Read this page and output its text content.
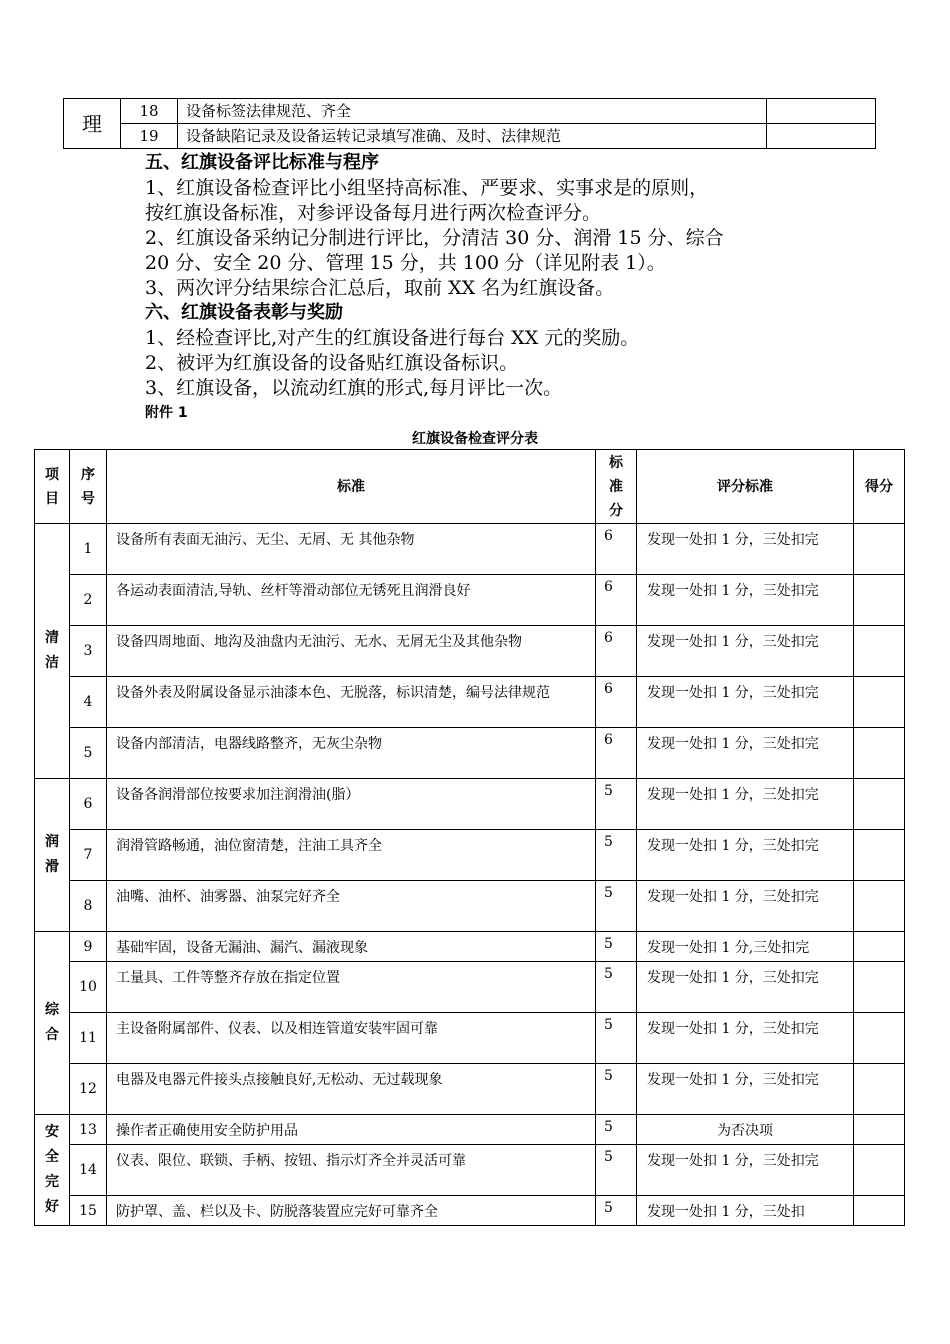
理	18	设备标签法律规范、齐全	
	19	设备缺陷记录及设备运转记录填写准确、及时、法律规范	
五、红旗设备评比标准与程序
1、红旗设备检查评比小组坚持高标准、严要求、实事求是的原则，
按红旗设备标准，对参评设备每月进行两次检查评分。
2、红旗设备采纳记分制进行评比，分清洁 30 分、润滑 15 分、综合
20 分、安全 20 分、管理 15 分，共 100 分（详见附表 1）。
3、两次评分结果综合汇总后，取前 XX 名为红旗设备。
六、红旗设备表彰与奖励
1、经检查评比,对产生的红旗设备进行每台 XX 元的奖励。
2、被评为红旗设备的设备贴红旗设备标识。
3、红旗设备，以流动红旗的形式,每月评比一次。
附件 1
红旗设备检查评分表
项目	序号	标准	标准分	评分标准	得分
清洁	1	设备所有表面无油污、无尘、无屑、无 其他杂物	6	发现一处扣 1 分，三处扣完	
	2	各运动表面清洁,导轨、丝杆等滑动部位无锈死且润滑良好	6	发现一处扣 1 分，三处扣完	
	3	设备四周地面、地沟及油盘内无油污、无水、无屑无尘及其他杂物	6	发现一处扣 1 分，三处扣完	
	4	设备外表及附属设备显示油漆本色、无脱落，标识清楚，编号法律规范	6	发现一处扣 1 分，三处扣完	
	5	设备内部清洁，电器线路整齐，无灰尘杂物	6	发现一处扣 1 分，三处扣完	
润滑	6	设备各润滑部位按要求加注润滑油(脂）	5	发现一处扣 1 分，三处扣完	
	7	润滑管路畅通，油位窗清楚，注油工具齐全	5	发现一处扣 1 分，三处扣完	
	8	油嘴、油杯、油雾器、油泵完好齐全	5	发现一处扣 1 分，三处扣完	
综合	9	基础牢固，设备无漏油、漏汽、漏液现象	5	发现一处扣 1 分,三处扣完	
	10	工量具、工件等整齐存放在指定位置	5	发现一处扣 1 分，三处扣完	
	11	主设备附属部件、仪表、以及相连管道安装牢固可靠	5	发现一处扣 1 分，三处扣完	
	12	电器及电器元件接头点接触良好,无松动、无过载现象	5	发现一处扣 1 分，三处扣完	
安全完好	13	操作者正确使用安全防护用品	5	为否决项	
	14	仪表、限位、联锁、手柄、按钮、指示灯齐全并灵活可靠	5	发现一处扣 1 分，三处扣完	
	15	防护罩、盖、栏以及卡、防脱落装置应完好可靠齐全	5	发现一处扣 1 分，三处扣	
